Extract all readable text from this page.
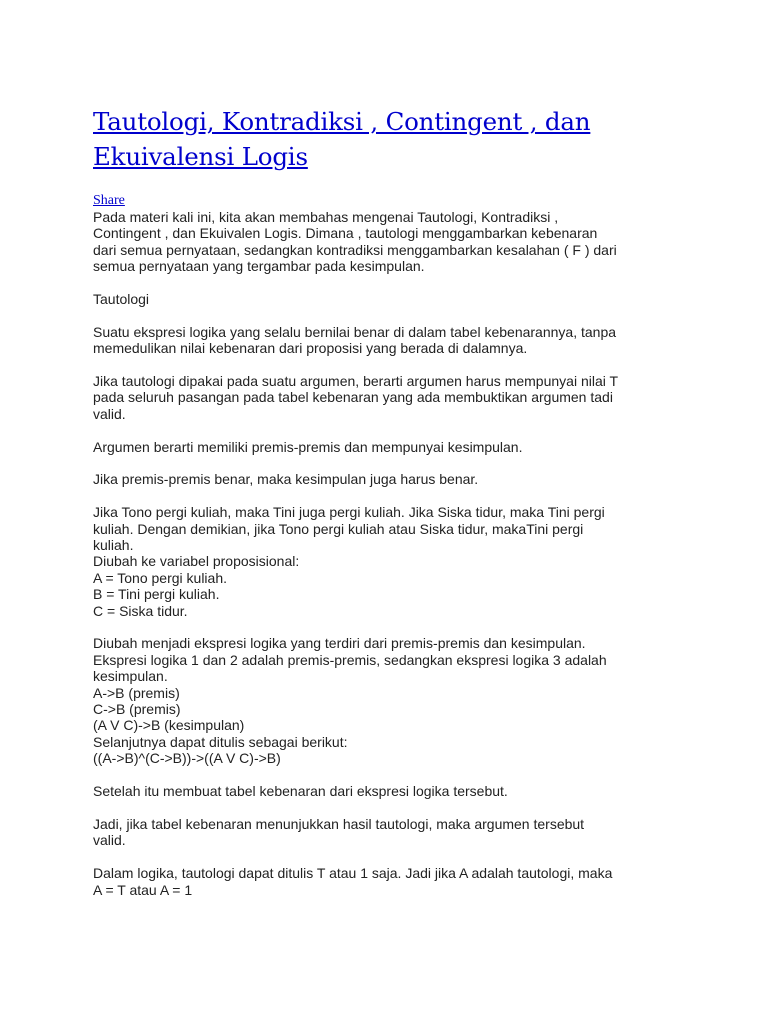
Tautologi, Kontradiksi , Contingent , dan
Ekuivalensi Logis
Share

Pada materi kali ini, kita akan membahas mengenai Tautologi, Kontradiksi ,

Contingent , dan Ekuivalen Logis. Dimana , tautologi menggambarkan kebenaran

dari semua pernyataan, sedangkan kontradiksi menggambarkan kesalahan ( F ) dari

semua pernyataan yang tergambar pada kesimpulan.

Tautologi

Suatu ekspresi logika yang selalu bernilai benar di dalam tabel kebenarannya, tanpa

memedulikan nilai kebenaran dari proposisi yang berada di dalamnya.

Jika tautologi dipakai pada suatu argumen, berarti argumen harus mempunyai nilai T

pada seluruh pasangan pada tabel kebenaran yang ada membuktikan argumen tadi

valid.

Argumen berarti memiliki premis-premis dan mempunyai kesimpulan.

Jika premis-premis benar, maka kesimpulan juga harus benar.

Jika Tono pergi kuliah, maka Tini juga pergi kuliah. Jika Siska tidur, maka Tini pergi

kuliah. Dengan demikian, jika Tono pergi kuliah atau Siska tidur, makaTini pergi

kuliah.

Diubah ke variabel proposisional:

A = Tono pergi kuliah.

B = Tini pergi kuliah.

C = Siska tidur.

Diubah menjadi ekspresi logika yang terdiri dari premis-premis dan kesimpulan.

Ekspresi logika 1 dan 2 adalah premis-premis, sedangkan ekspresi logika 3 adalah

kesimpulan.

A->B (premis)

C->B (premis)

(A V C)->B (kesimpulan)

Selanjutnya dapat ditulis sebagai berikut:

((A->B)^(C->B))->((A V C)->B)

Setelah itu membuat tabel kebenaran dari ekspresi logika tersebut.

Jadi, jika tabel kebenaran menunjukkan hasil tautologi, maka argumen tersebut

valid.

Dalam logika, tautologi dapat ditulis T atau 1 saja. Jadi jika A adalah tautologi, maka

A = T atau A = 1
